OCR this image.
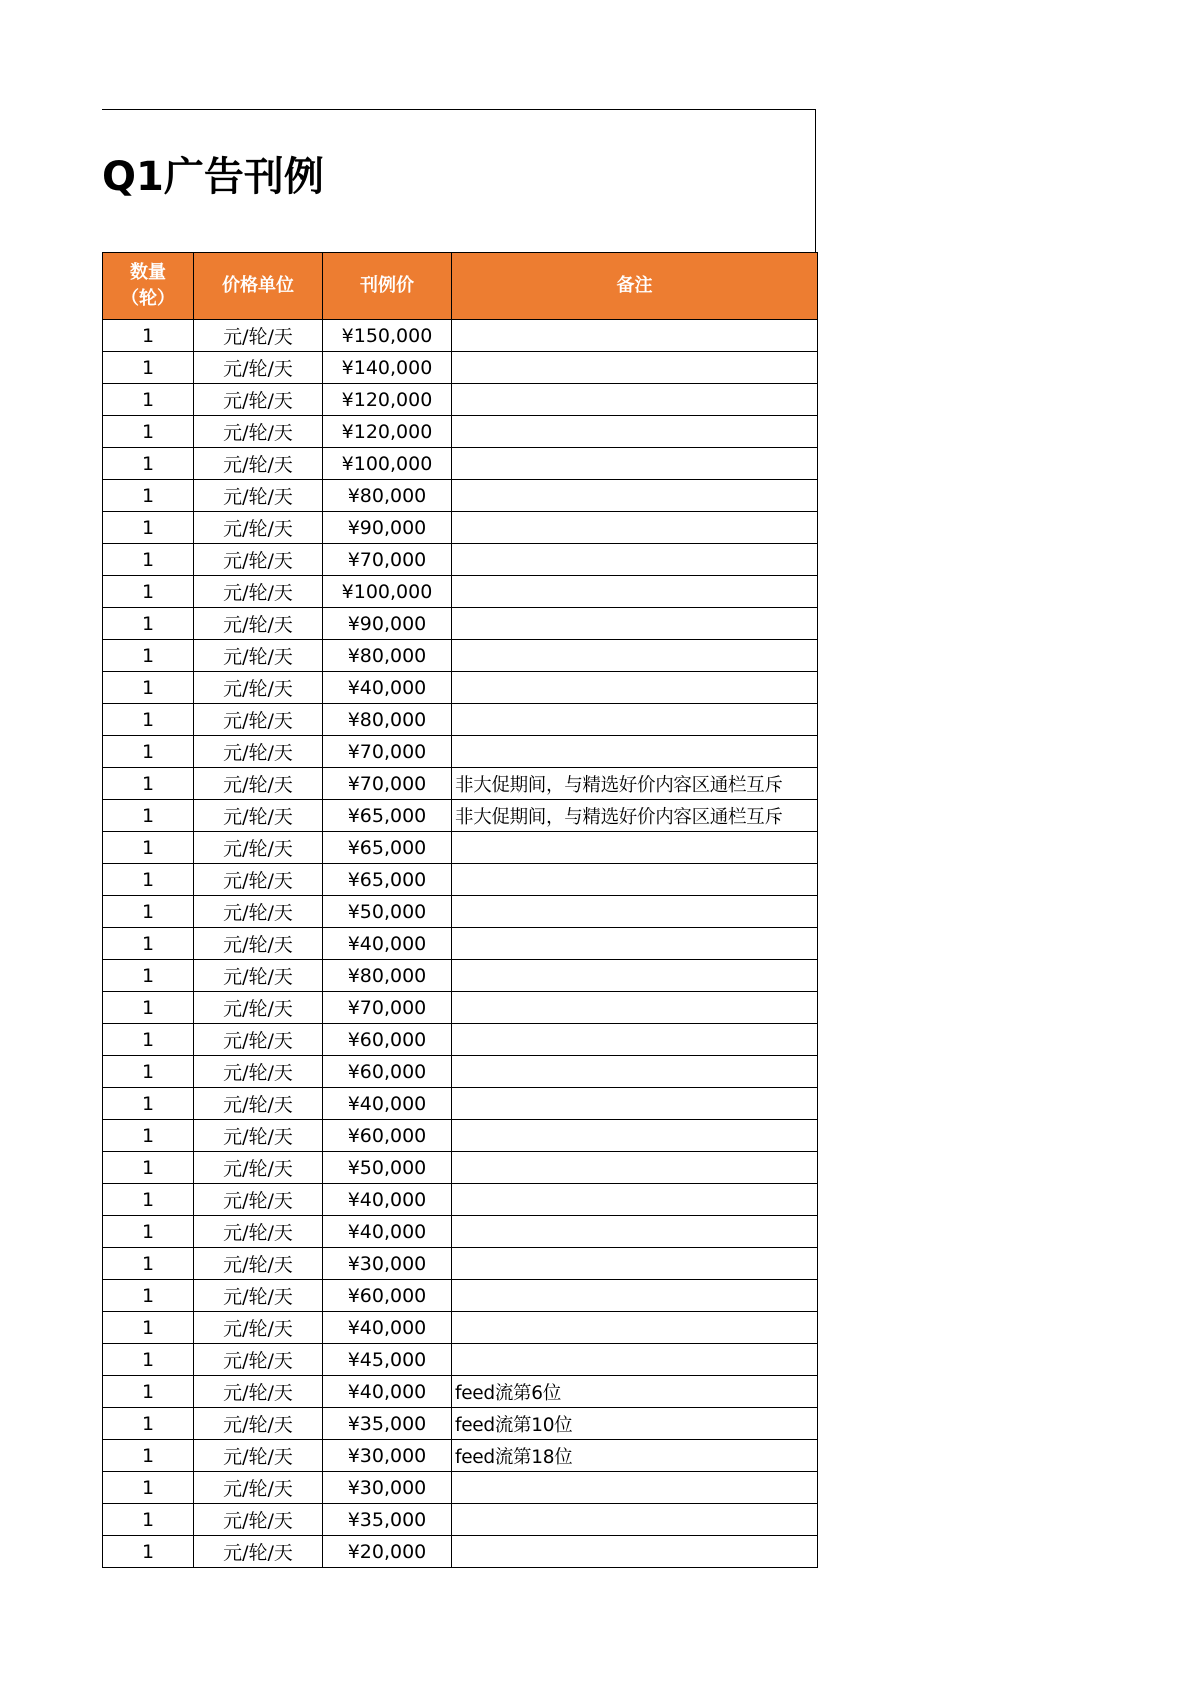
Q1广告刊例
数量
（轮）	价格单位	刊例价	备注
1	元/轮/天	¥150,000	
1	元/轮/天	¥140,000	
1	元/轮/天	¥120,000	
1	元/轮/天	¥120,000	
1	元/轮/天	¥100,000	
1	元/轮/天	¥80,000	
1	元/轮/天	¥90,000	
1	元/轮/天	¥70,000	
1	元/轮/天	¥100,000	
1	元/轮/天	¥90,000	
1	元/轮/天	¥80,000	
1	元/轮/天	¥40,000	
1	元/轮/天	¥80,000	
1	元/轮/天	¥70,000	
1	元/轮/天	¥70,000	非大促期间，与精选好价内容区通栏互斥
1	元/轮/天	¥65,000	非大促期间，与精选好价内容区通栏互斥
1	元/轮/天	¥65,000	
1	元/轮/天	¥65,000	
1	元/轮/天	¥50,000	
1	元/轮/天	¥40,000	
1	元/轮/天	¥80,000	
1	元/轮/天	¥70,000	
1	元/轮/天	¥60,000	
1	元/轮/天	¥60,000	
1	元/轮/天	¥40,000	
1	元/轮/天	¥60,000	
1	元/轮/天	¥50,000	
1	元/轮/天	¥40,000	
1	元/轮/天	¥40,000	
1	元/轮/天	¥30,000	
1	元/轮/天	¥60,000	
1	元/轮/天	¥40,000	
1	元/轮/天	¥45,000	
1	元/轮/天	¥40,000	feed流第6位
1	元/轮/天	¥35,000	feed流第10位
1	元/轮/天	¥30,000	feed流第18位
1	元/轮/天	¥30,000	
1	元/轮/天	¥35,000	
1	元/轮/天	¥20,000	
